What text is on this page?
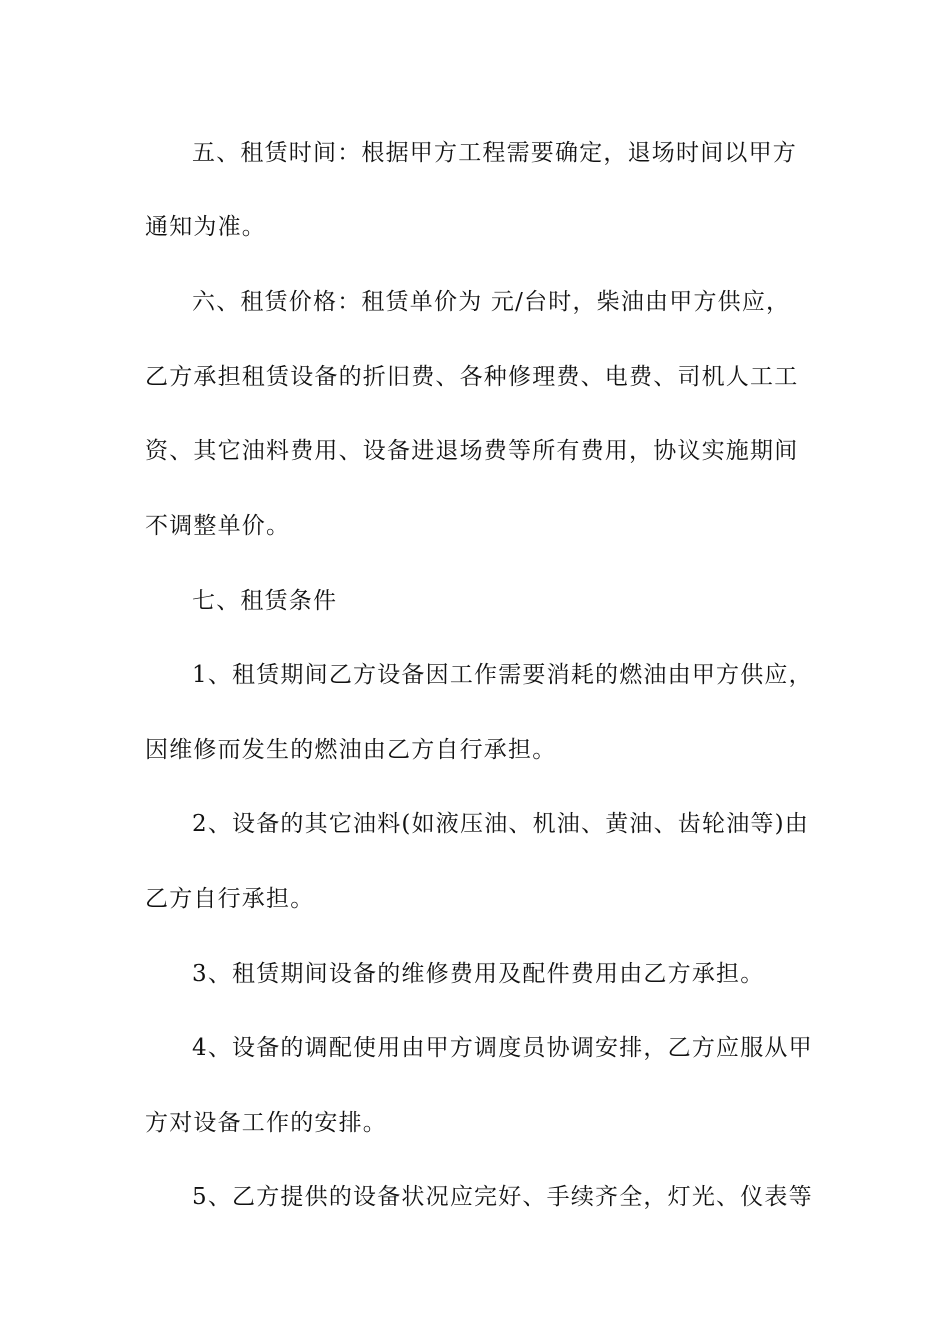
五、租赁时间：根据甲方工程需要确定，退场时间以甲方
通知为准。
六、租赁价格：租赁单价为 元/台时，柴油由甲方供应，
乙方承担租赁设备的折旧费、各种修理费、电费、司机人工工
资、其它油料费用、设备进退场费等所有费用，协议实施期间
不调整单价。
七、租赁条件
1、租赁期间乙方设备因工作需要消耗的燃油由甲方供应，
因维修而发生的燃油由乙方自行承担。
2、设备的其它油料(如液压油、机油、黄油、齿轮油等)由
乙方自行承担。
3、租赁期间设备的维修费用及配件费用由乙方承担。
4、设备的调配使用由甲方调度员协调安排，乙方应服从甲
方对设备工作的安排。
5、乙方提供的设备状况应完好、手续齐全，灯光、仪表等
